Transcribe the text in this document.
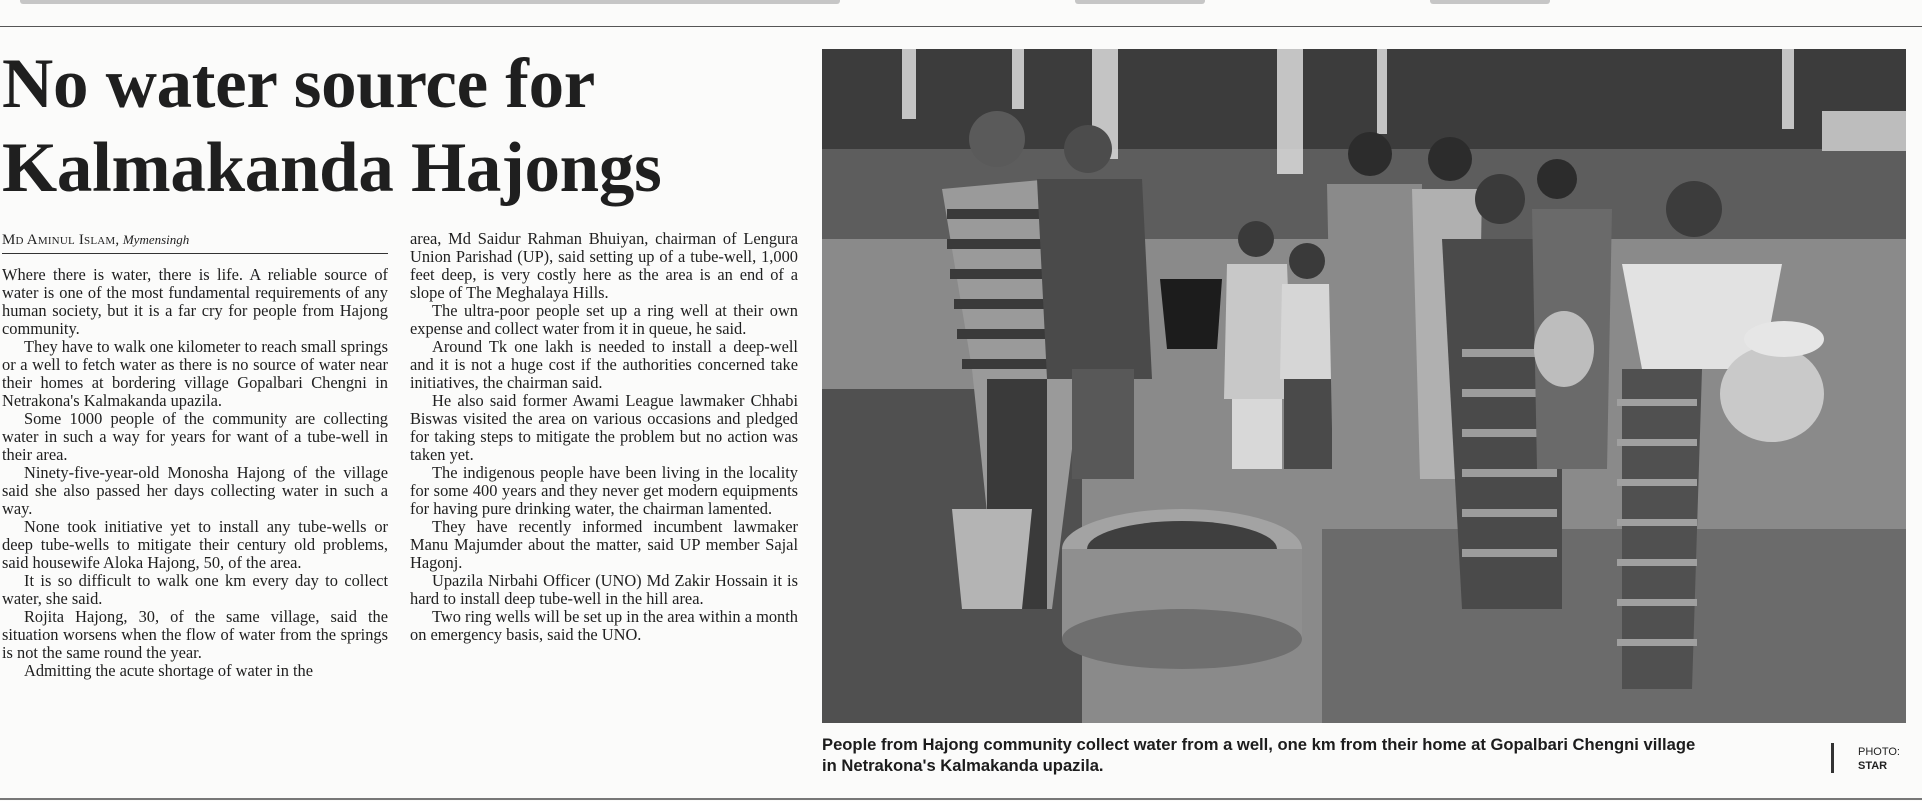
No water source for Kalmakanda Hajongs
Md Aminul Islam, Mymensingh

Where there is water, there is life. A reliable source of water is one of the most fundamental requirements of any human society, but it is a far cry for people from Hajong community.

They have to walk one kilometer to reach small springs or a well to fetch water as there is no source of water near their homes at bordering village Gopalbari Chengni in Netrakona's Kalmakanda upazila.

Some 1000 people of the community are collecting water in such a way for years for want of a tube-well in their area.

Ninety-five-year-old Monosha Hajong of the village said she also passed her days collecting water in such a way.

None took initiative yet to install any tube-wells or deep tube-wells to mitigate their century old problems, said housewife Aloka Hajong, 50, of the area.

It is so difficult to walk one km every day to collect water, she said.

Rojita Hajong, 30, of the same village, said the situation worsens when the flow of water from the springs is not the same round the year.

Admitting the acute shortage of water in the

area, Md Saidur Rahman Bhuiyan, chairman of Lengura Union Parishad (UP), said setting up of a tube-well, 1,000 feet deep, is very costly here as the area is an end of a slope of The Meghalaya Hills.

The ultra-poor people set up a ring well at their own expense and collect water from it in queue, he said.

Around Tk one lakh is needed to install a deep-well and it is not a huge cost if the authorities concerned take initiatives, the chairman said.

He also said former Awami League lawmaker Chhabi Biswas visited the area on various occasions and pledged for taking steps to mitigate the problem but no action was taken yet.

The indigenous people have been living in the locality for some 400 years and they never get modern equipments for having pure drinking water, the chairman lamented.

They have recently informed incumbent lawmaker Manu Majumder about the matter, said UP member Sajal Hagonj.

Upazila Nirbahi Officer (UNO) Md Zakir Hossain it is hard to install deep tube-well in the hill area.

Two ring wells will be set up in the area within a month on emergency basis, said the UNO.

People from Hajong community collect water from a well, one km from their home at Gopalbari Chengni village in Netrakona's Kalmakanda upazila.

PHOTO:
STAR
